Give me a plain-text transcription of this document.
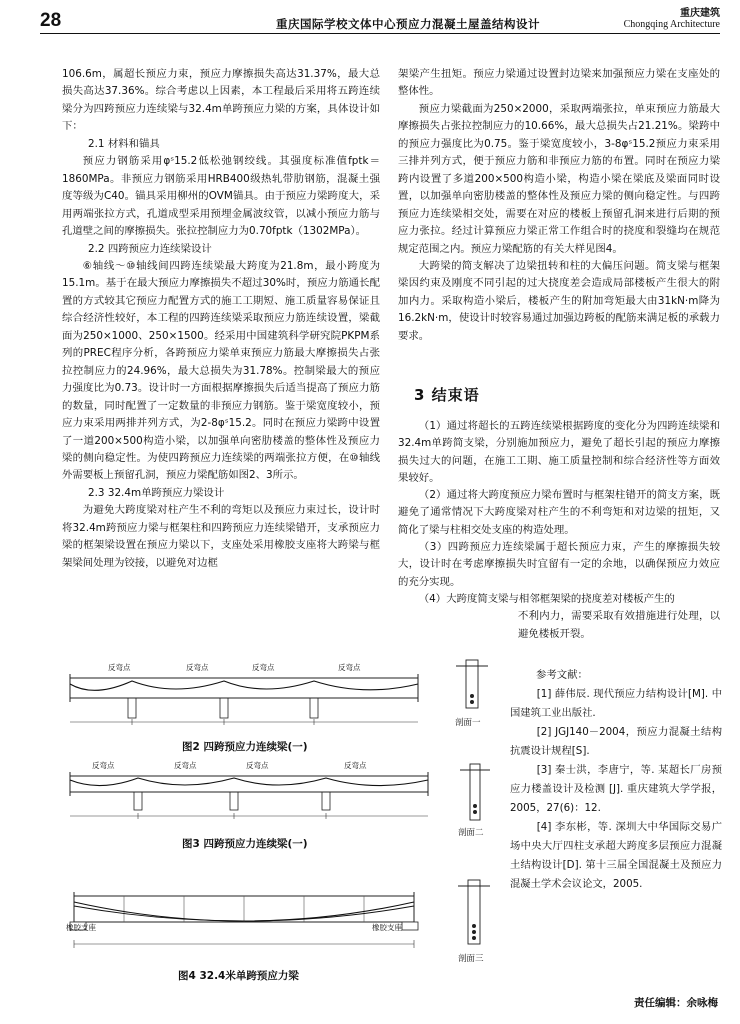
28	重庆国际学校文体中心预应力混凝土屋盖结构设计
重庆建筑
Chongqing Architecture

106.6m，属超长预应力束，预应力摩擦损失高达31.37%，最大总损失高达37.36%。综合考虑以上因素，本工程最后采用将五跨连续梁分为四跨预应力连续梁与32.4m单跨预应力梁的方案，具体设计如下：

2.1 材料和锚具

预应力钢筋采用φˢ15.2低松弛钢绞线。其强度标准值fptk＝1860MPa。非预应力钢筋采用HRB400级热轧带肋钢筋，混凝土强度等级为C40。锚具采用柳州的OVM锚具。由于预应力梁跨度大，采用两端张拉方式，孔道成型采用预埋金属波纹管，以减小预应力筋与孔道壁之间的摩擦损失。张拉控制应力为0.70fptk（1302MPa）。

2.2 四跨预应力连续梁设计

⑥轴线～⑩轴线间四跨连续梁最大跨度为21.8m，最小跨度为15.1m。基于在最大预应力摩擦损失不超过30%时，预应力筋通长配置的方式较其它预应力配置方式的施工工期短、施工质量容易保证且综合经济性较好，本工程的四跨连续梁采取预应力筋连续设置，梁截面为250×1000、250×1500。经采用中国建筑科学研究院PKPM系列的PREC程序分析，各跨预应力梁单束预应力筋最大摩擦损失占张拉控制应力的24.96%，最大总损失为31.78%。控制梁最大的预应力强度比为0.73。设计时一方面根据摩擦损失后适当提高了预应力筋的数量，同时配置了一定数量的非预应力钢筋。鉴于梁宽度较小，预应力束采用两排并列方式，为2-8φˢ15.2。同时在预应力梁跨中设置了一道200×500构造小梁，以加强单向密肋楼盖的整体性及预应力梁的侧向稳定性。为使四跨预应力连续梁的两端张拉方便，在⑩轴线外需要板上预留孔洞，预应力梁配筋如图2、3所示。

2.3 32.4m单跨预应力梁设计

为避免大跨度梁对柱产生不利的弯矩以及预应力束过长，设计时将32.4m跨预应力梁与框架柱和四跨预应力连续梁错开，支承预应力梁的框架梁设置在预应力梁以下，支座处采用橡胶支座将大跨梁与框架梁间处理为铰接，以避免对边框

架梁产生扭矩。预应力梁通过设置封边梁来加强预应力梁在支座处的整体性。

预应力梁截面为250×2000，采取两端张拉，单束预应力筋最大摩擦损失占张拉控制应力的10.66%，最大总损失占21.21%。梁跨中的预应力强度比为0.75。鉴于梁宽度较小，3-8φˢ15.2预应力束采用三排并列方式，便于预应力筋和非预应力筋的布置。同时在预应力梁跨内设置了多道200×500构造小梁，构造小梁在梁底及梁面同时设置，以加强单向密肋楼盖的整体性及预应力梁的侧向稳定性。与四跨预应力连续梁相交处，需要在对应的楼板上预留孔洞来进行后期的预应力张拉。经过计算预应力梁正常工作组合时的挠度和裂缝均在规范规定范围之内。预应力梁配筋的有关大样见图4。

大跨梁的简支解决了边梁扭转和柱的大偏压问题。简支梁与框架梁因约束及刚度不同引起的过大挠度差会造成局部楼板产生很大的附加内力。采取构造小梁后，楼板产生的附加弯矩最大由31kN·m降为16.2kN·m，使设计时较容易通过加强边跨板的配筋来满足板的承载力要求。

3 结束语

（1）通过将超长的五跨连续梁根据跨度的变化分为四跨连续梁和32.4m单跨简支梁，分别施加预应力，避免了超长引起的预应力摩擦损失过大的问题，在施工工期、施工质量控制和综合经济性等方面效果较好。

（2）通过将大跨度预应力梁布置时与框架柱错开的简支方案，既避免了通常情况下大跨度梁对柱产生的不利弯矩和对边梁的扭矩，又简化了梁与柱相交处支座的构造处理。

（3）四跨预应力连续梁属于超长预应力束，产生的摩擦损失较大，设计时在考虑摩擦损失时宜留有一定的余地，以确保预应力效应的充分实现。

（4）大跨度简支梁与相邻框架梁的挠度差对楼板产生的

不利内力，需要采取有效措施进行处理，以避免楼板开裂。

参考文献：

[1] 薛伟辰. 现代预应力结构设计[M]. 中国建筑工业出版社.

[2] JGJ140－2004，预应力混凝土结构抗震设计规程[S].

[3] 秦士洪，李唐宁，等. 某超长厂房预应力楼盖设计及检测 [J]. 重庆建筑大学学报，2005，27(6)：12.

[4] 李东彬，等. 深圳大中华国际交易广场中央大厅四柱支承超大跨度多层预应力混凝土结构设计[D]. 第十三届全国混凝土及预应力混凝土学术会议论文，2005.

反弯点	反弯点	反弯点	反弯点
剖面一
图2 四跨预应力连续梁(一)
反弯点	反弯点	反弯点	反弯点
剖面二
图3 四跨预应力连续梁(一)
橡胶支座	橡胶支座
剖面三
图4 32.4米单跨预应力梁
责任编辑：余咏梅
